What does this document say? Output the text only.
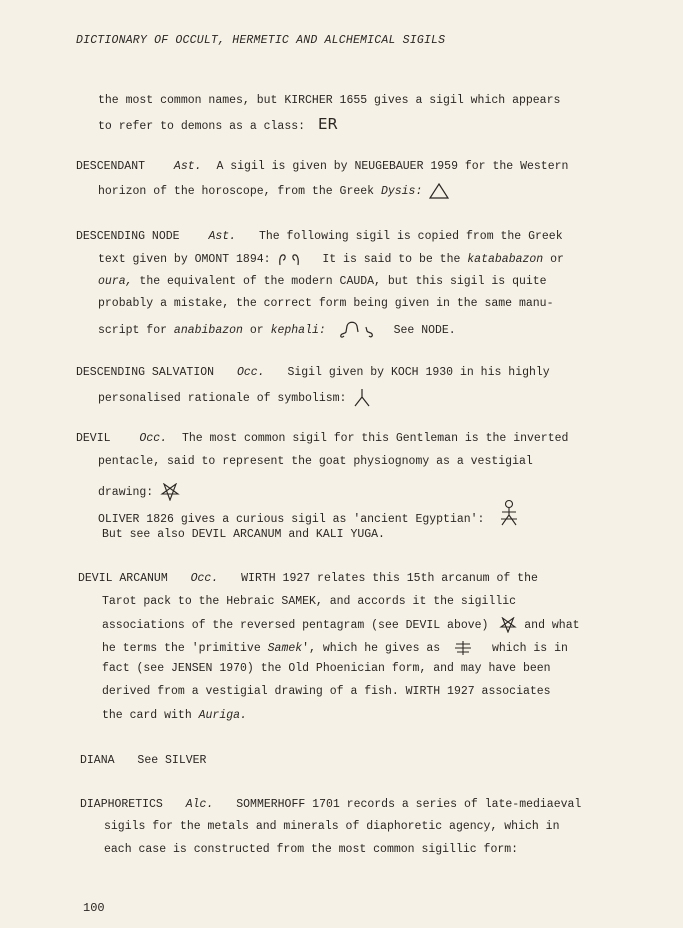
DICTIONARY OF OCCULT, HERMETIC AND ALCHEMICAL SIGILS
the most common names, but KIRCHER 1655 gives a sigil which appears
to refer to demons as a class: ER
DESCENDANT	Ast. A sigil is given by NEUGEBAUER 1959 for the Western
horizon of the horoscope, from the Greek Dysis:
DESCENDING NODE	Ast. The following sigil is copied from the Greek
text given by OMONT 1894:	It is said to be the katababazon or
oura, the equivalent of the modern CAUDA, but this sigil is quite
probably a mistake, the correct form being given in the same manu-
script for anabibazon or kephali:	See NODE.
DESCENDING SALVATION Occ. Sigil given by KOCH 1930 in his highly
personalised rationale of symbolism:
DEVIL	Occ. The most common sigil for this Gentleman is the inverted
pentacle, said to represent the goat physiognomy as a vestigial
drawing:
OLIVER 1826 gives a curious sigil as 'ancient Egyptian':
But see also DEVIL ARCANUM and KALI YUGA.
DEVIL ARCANUM Occ. WIRTH 1927 relates this 15th arcanum of the
Tarot pack to the Hebraic SAMEK, and accords it the sigillic
associations of the reversed pentagram (see DEVIL above)	and what
he terms the 'primitive Samek', which he gives as	which is in
fact (see JENSEN 1970) the Old Phoenician form, and may have been
derived from a vestigial drawing of a fish. WIRTH 1927 associates
the card with Auriga.
DIANA See SILVER
DIAPHORETICS Alc. SOMMERHOFF 1701 records a series of late-mediaeval
sigils for the metals and minerals of diaphoretic agency, which in
each case is constructed from the most common sigillic form:
100
